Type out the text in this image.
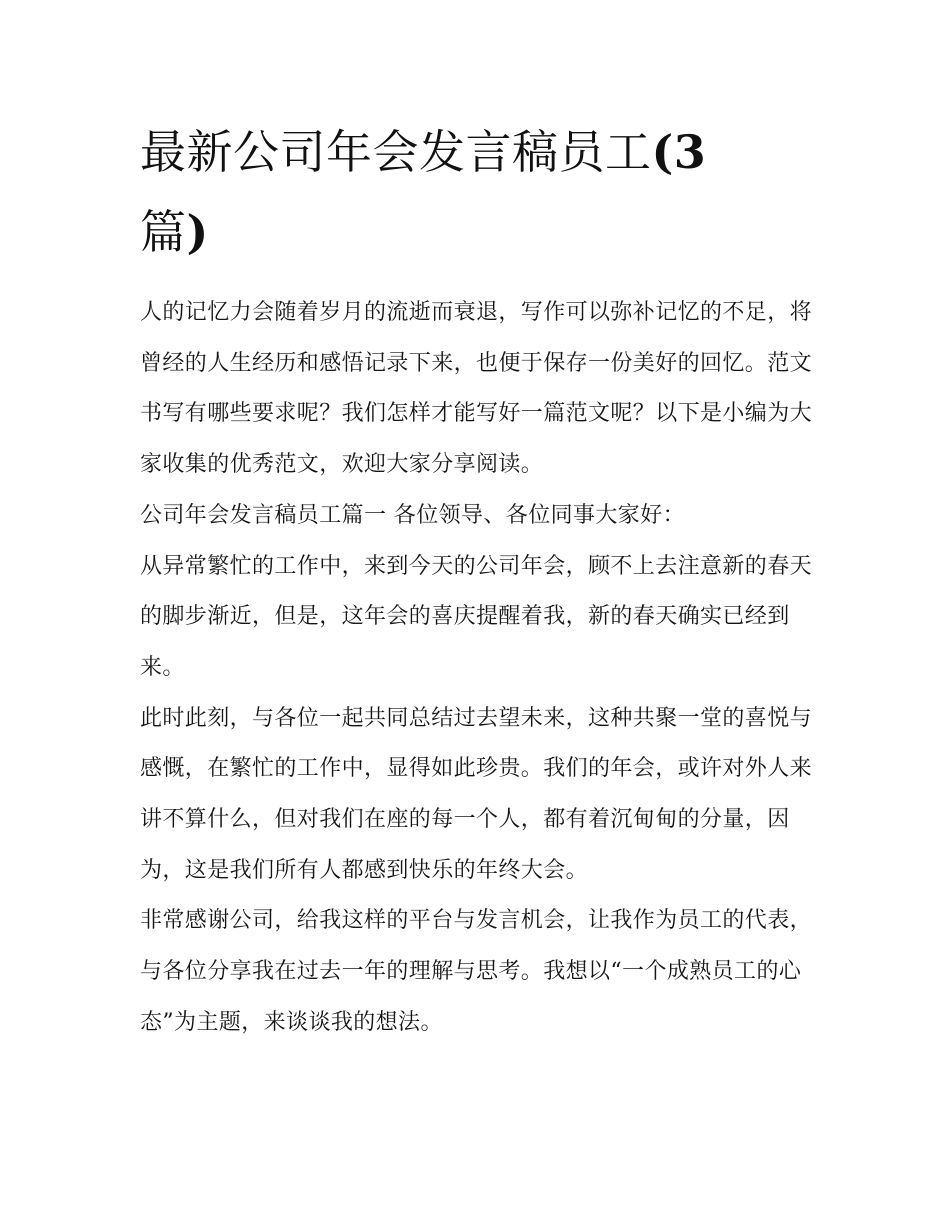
最新公司年会发言稿员工(3
篇)

人的记忆力会随着岁月的流逝而衰退，写作可以弥补记忆的不足，将曾经的人生经历和感悟记录下来，也便于保存一份美好的回忆。范文书写有哪些要求呢？我们怎样才能写好一篇范文呢？以下是小编为大家收集的优秀范文，欢迎大家分享阅读。

公司年会发言稿员工篇一 各位领导、各位同事大家好：

从异常繁忙的工作中，来到今天的公司年会，顾不上去注意新的春天的脚步渐近，但是，这年会的喜庆提醒着我，新的春天确实已经到来。

此时此刻，与各位一起共同总结过去望未来，这种共聚一堂的喜悦与感慨，在繁忙的工作中，显得如此珍贵。我们的年会，或许对外人来讲不算什么，但对我们在座的每一个人，都有着沉甸甸的分量，因为，这是我们所有人都感到快乐的年终大会。

非常感谢公司，给我这样的平台与发言机会，让我作为员工的代表，与各位分享我在过去一年的理解与思考。我想以“一个成熟员工的心态”为主题，来谈谈我的想法。
